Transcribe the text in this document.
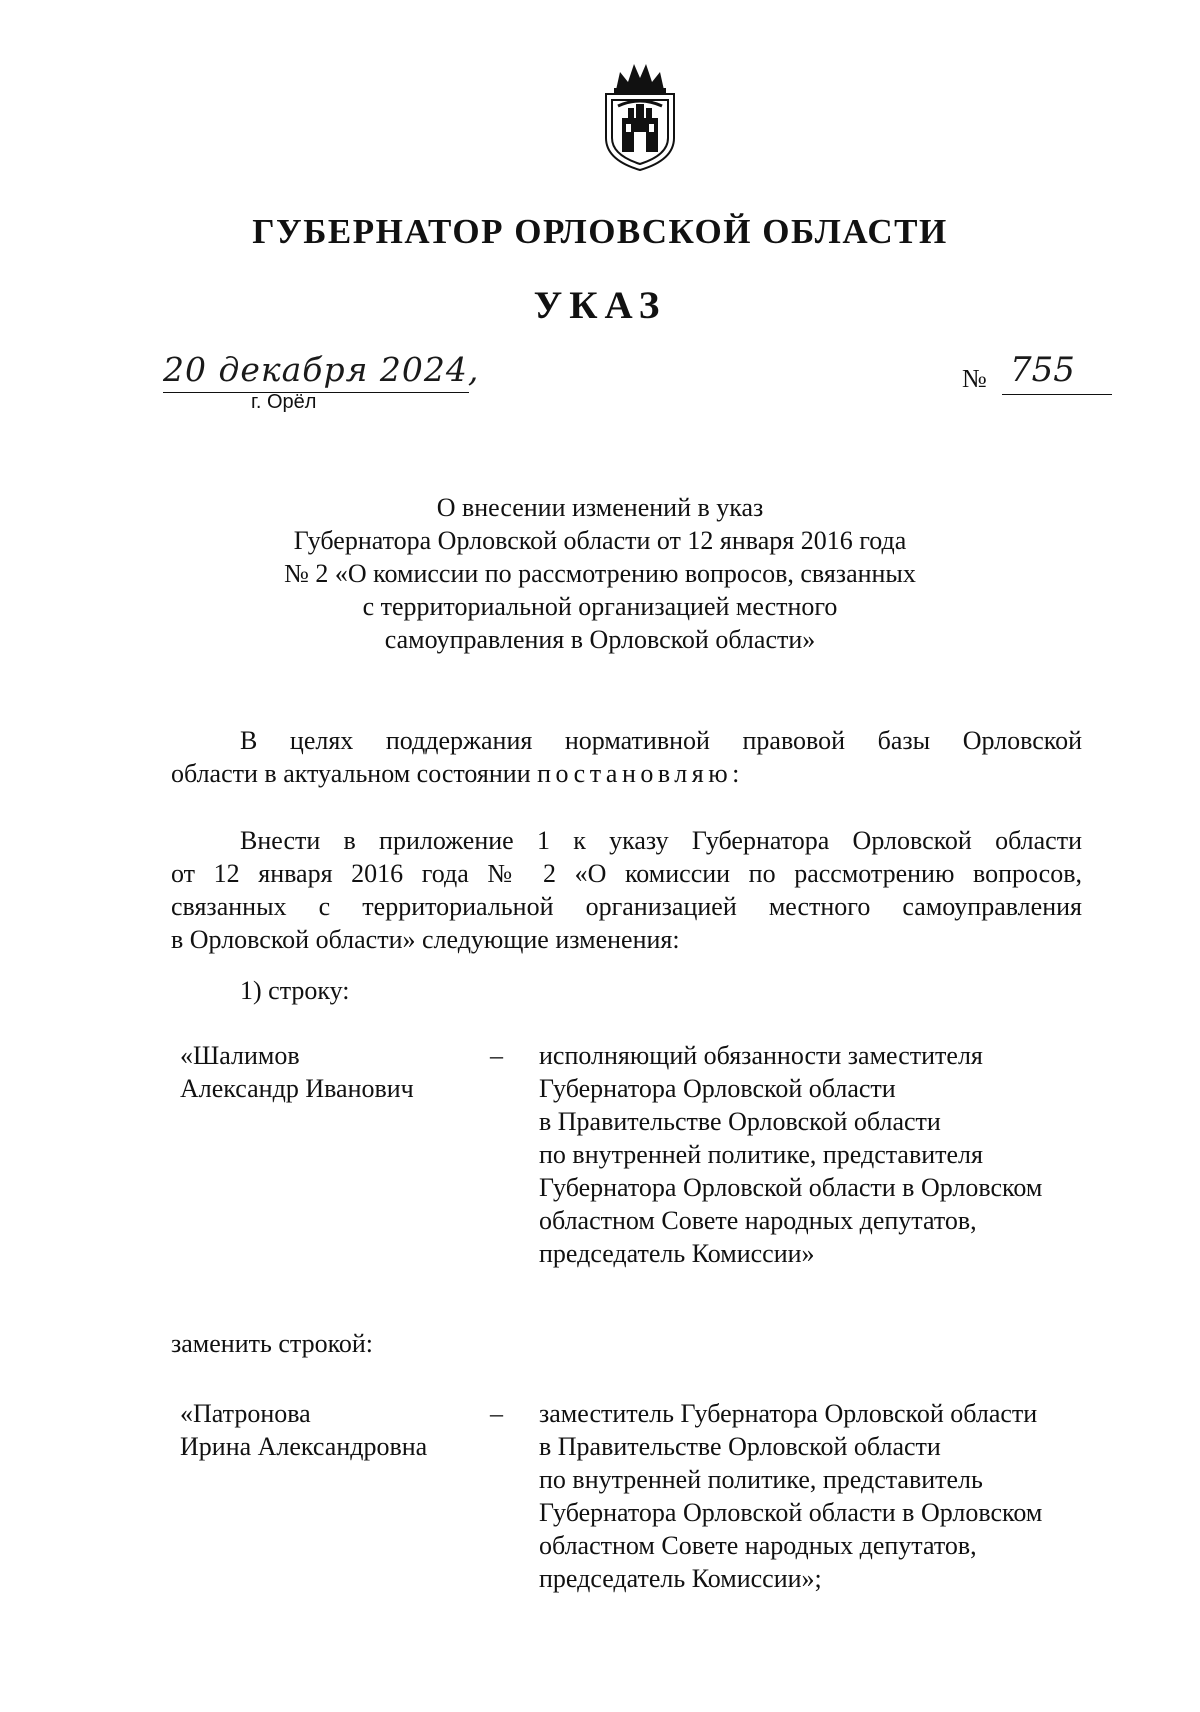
ГУБЕРНАТОР ОРЛОВСКОЙ ОБЛАСТИ
УКАЗ
20 декабря 2024,
г. Орёл
№ 755
О внесении изменений в указ
Губернатора Орловской области от 12 января 2016 года
№ 2 «О комиссии по рассмотрению вопросов, связанных
с территориальной организацией местного
самоуправления в Орловской области»
В целях поддержания нормативной правовой базы Орловской
области в актуальном состоянии постановляю:
Внести в приложение 1 к указу Губернатора Орловской области
от 12 января 2016 года № 2 «О комиссии по рассмотрению вопросов,
связанных с территориальной организацией местного самоуправления
в Орловской области» следующие изменения:
1) строку:
«Шалимов
Александр Иванович
– исполняющий обязанности заместителя
Губернатора Орловской области
в Правительстве Орловской области
по внутренней политике, представителя
Губернатора Орловской области в Орловском
областном Совете народных депутатов,
председатель Комиссии»
заменить строкой:
«Патронова
Ирина Александровна
– заместитель Губернатора Орловской области
в Правительстве Орловской области
по внутренней политике, представитель
Губернатора Орловской области в Орловском
областном Совете народных депутатов,
председатель Комиссии»;
